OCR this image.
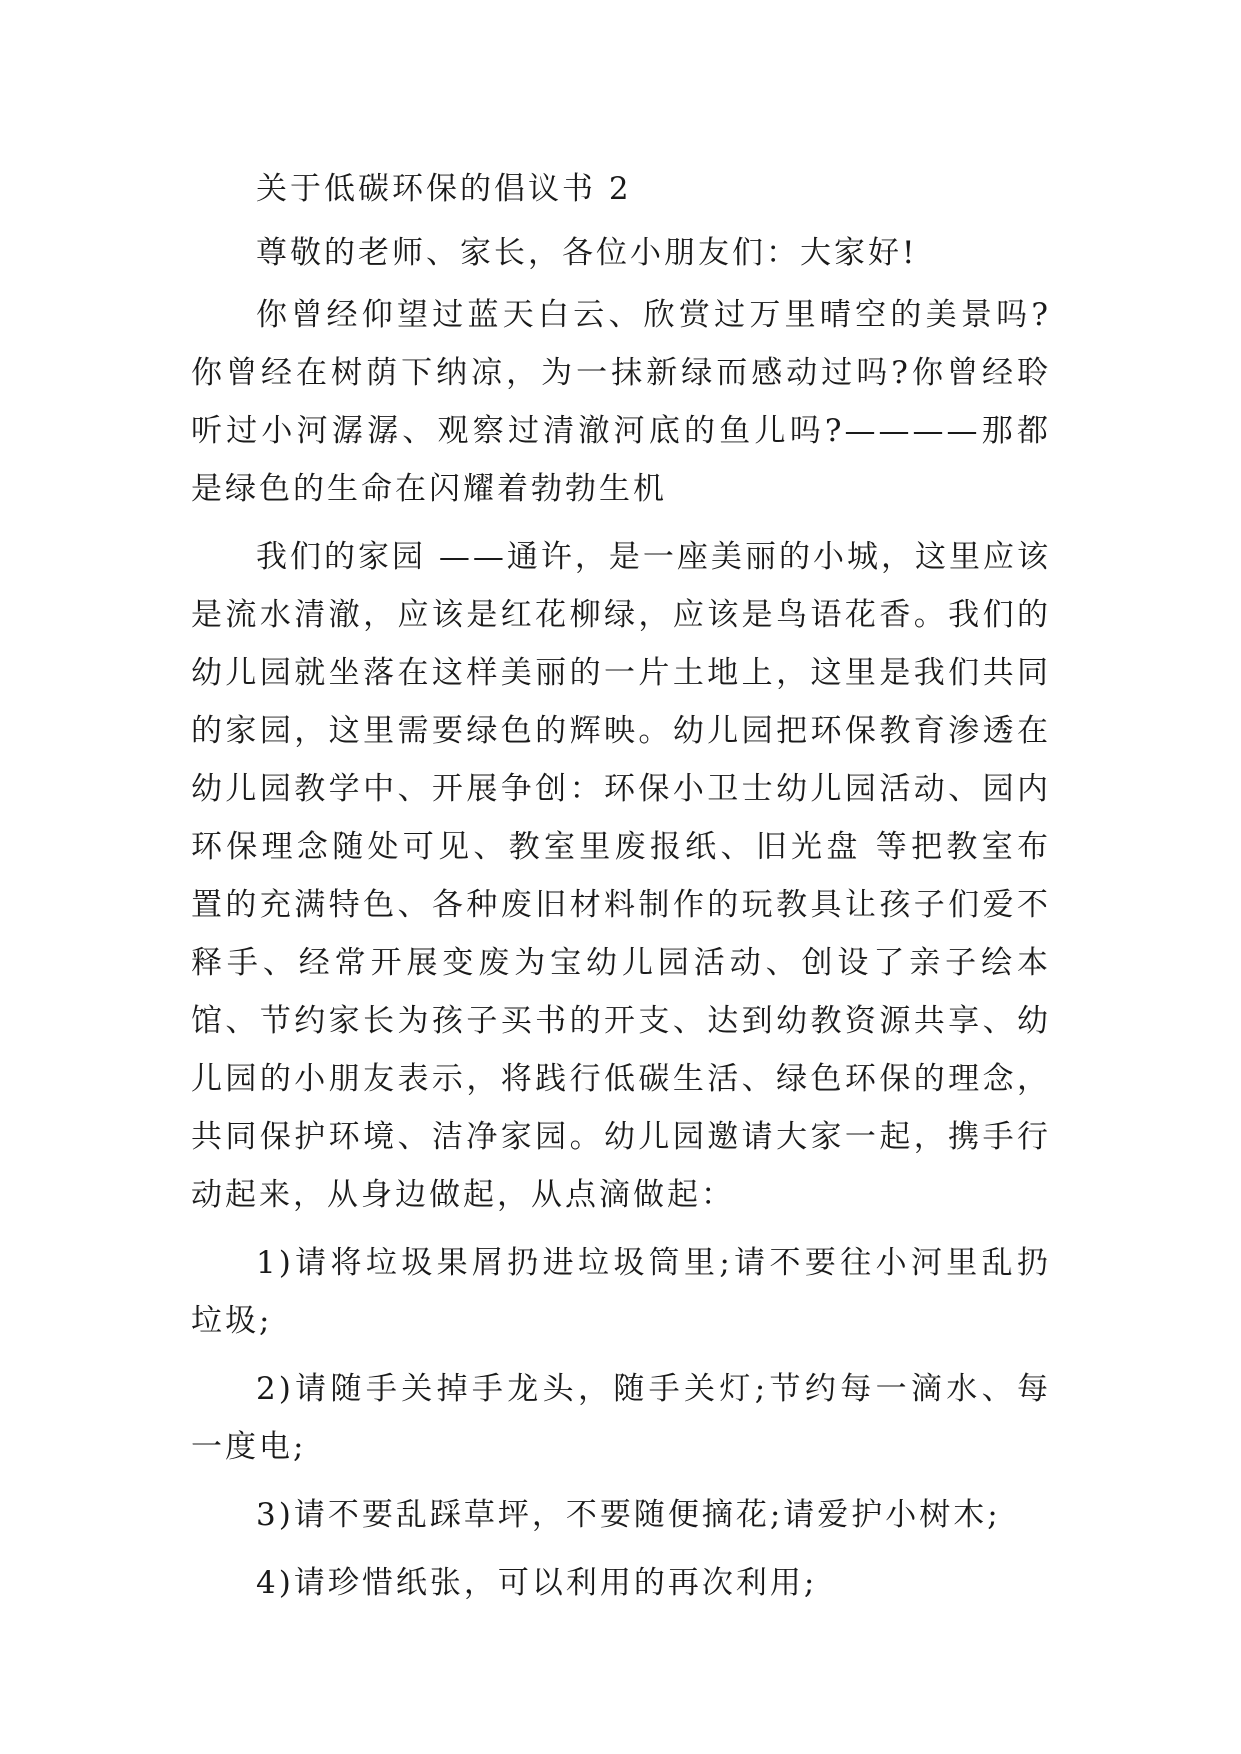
关于低碳环保的倡议书 2

尊敬的老师、家长，各位小朋友们：大家好!

你曾经仰望过蓝天白云、欣赏过万里晴空的美景吗?你曾经在树荫下纳凉，为一抹新绿而感动过吗?你曾经聆听过小河潺潺、观察过清澈河底的鱼儿吗?————那都是绿色的生命在闪耀着勃勃生机

我们的家园 ——通许，是一座美丽的小城，这里应该是流水清澈，应该是红花柳绿，应该是鸟语花香。我们的幼儿园就坐落在这样美丽的一片土地上，这里是我们共同的家园，这里需要绿色的辉映。幼儿园把环保教育渗透在幼儿园教学中、开展争创：环保小卫士幼儿园活动、园内环保理念随处可见、教室里废报纸、旧光盘 等把教室布置的充满特色、各种废旧材料制作的玩教具让孩子们爱不释手、经常开展变废为宝幼儿园活动、创设了亲子绘本馆、节约家长为孩子买书的开支、达到幼教资源共享、幼儿园的小朋友表示，将践行低碳生活、绿色环保的理念，共同保护环境、洁净家园。幼儿园邀请大家一起，携手行动起来，从身边做起，从点滴做起：

1)请将垃圾果屑扔进垃圾筒里;请不要往小河里乱扔垃圾;

2)请随手关掉手龙头，随手关灯;节约每一滴水、每一度电;

3)请不要乱踩草坪，不要随便摘花;请爱护小树木;

4)请珍惜纸张，可以利用的再次利用;
